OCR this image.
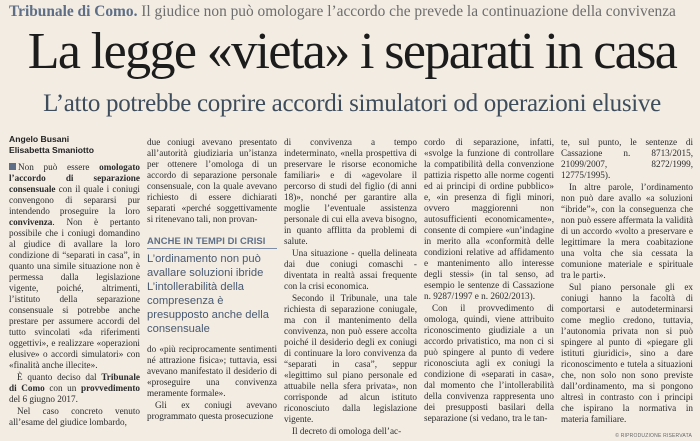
Tribunale di Como. Il giudice non può omologare l’accordo che prevede la continuazione della convivenza
La legge «vieta» i separati in casa
L’atto potrebbe coprire accordi simulatori od operazioni elusive
Angelo Busani
Elisabetta Smaniotto

Non può essere omologato l’accordo di separazione consensuale con il quale i coniugi convengono di separarsi pur intendendo proseguire la loro convivenza. Non è pertanto possibile che i coniugi domandino al giudice di avallare la loro condizione di “separati in casa”, in quanto una simile situazione non è permessa dalla legislazione vigente, poiché, altrimenti, l’istituto della separazione consensuale si potrebbe anche prestare per assumere accordi del tutto svincolati «da riferimenti oggettivi», e realizzare «operazioni elusive» o accordi simulatori» con «finalità anche illecite».

È quanto deciso dal Tribunale di Como con un provvedimento del 6 giugno 2017.

Nel caso concreto venuto all’esame del giudice lombardo,

due coniugi avevano presentato all’autorità giudiziaria un’istanza per ottenere l’omologa di un accordo di separazione personale consensuale, con la quale avevano richiesto di essere dichiarati separati «perché soggettivamente si ritenevano tali, non provan-

ANCHE IN TEMPI DI CRISI
L’ordinamento non può avallare soluzioni ibride L’intollerabilità della compresenza è presupposto anche della consensuale

do «più reciprocamente sentimenti né attrazione fisica»; tuttavia, essi avevano manifestato il desiderio di «proseguire una convivenza meramente formale».

Gli ex coniugi avevano programmato questa prosecuzione

di convivenza a tempo indeterminato, «nella prospettiva di preservare le risorse economiche familiari» e di «agevolare il percorso di studi del figlio (di anni 18)», nonché per garantire alla moglie l’eventuale assistenza personale di cui ella aveva bisogno, in quanto afflitta da problemi di salute.

Una situazione - quella delineata dai due coniugi comaschi - diventata in realtà assai frequente con la crisi economica.

Secondo il Tribunale, una tale richiesta di separazione coniugale, ma con il mantenimento della convivenza, non può essere accolta poiché il desiderio degli ex coniugi di continuare la loro convivenza da “separati in casa”, seppur «legittimo sul piano personale ed attuabile nella sfera privata», non corrisponde ad alcun istituto riconosciuto dalla legislazione vigente.

Il decreto di omologa dell’ac-

cordo di separazione, infatti, «svolge la funzione di controllare la compatibilità della convenzione pattizia rispetto alle norme cogenti ed ai principi di ordine pubblico» e, «in presenza di figli minori, ovvero maggiorenni non autosufficienti economicamente», consente di compiere «un’indagine in merito alla «conformità delle condizioni relative ad affidamento e mantenimento allo interesse degli stessi» (in tal senso, ad esempio le sentenze di Cassazione n. 9287/1997 e n. 2602/2013).

Con il provvedimento di omologa, quindi, viene attribuito riconoscimento giudiziale a un accordo privatistico, ma non ci si può spingere al punto di vedere riconosciuta agli ex coniugi la condizione di «separati in casa», dal momento che l’intollerabilità della convivenza rappresenta uno dei presupposti basilari della separazione (si vedano, tra le tan-

te, sul punto, le sentenze di Cassazione n. 8713/2015, 21099/2007, 8272/1999, 12775/1995).

In altre parole, l’ordinamento non può dare avallo «a soluzioni “ibride”», con la conseguenza che non può essere affermata la validità di un accordo «volto a preservare e legittimare la mera coabitazione una volta che sia cessata la comunione materiale e spirituale tra le parti».

Sul piano personale gli ex coniugi hanno la facoltà di comportarsi e autodeterminarsi come meglio credono, tuttavia, l’autonomia privata non si può spingere al punto di «piegare gli istituti giuridici», sino a dare riconoscimento e tutela a situazioni che, non solo non sono previste dall’ordinamento, ma si pongono altresì in contrasto con i principi che ispirano la normativa in materia familiare.

© RIPRODUZIONE RISERVATA
